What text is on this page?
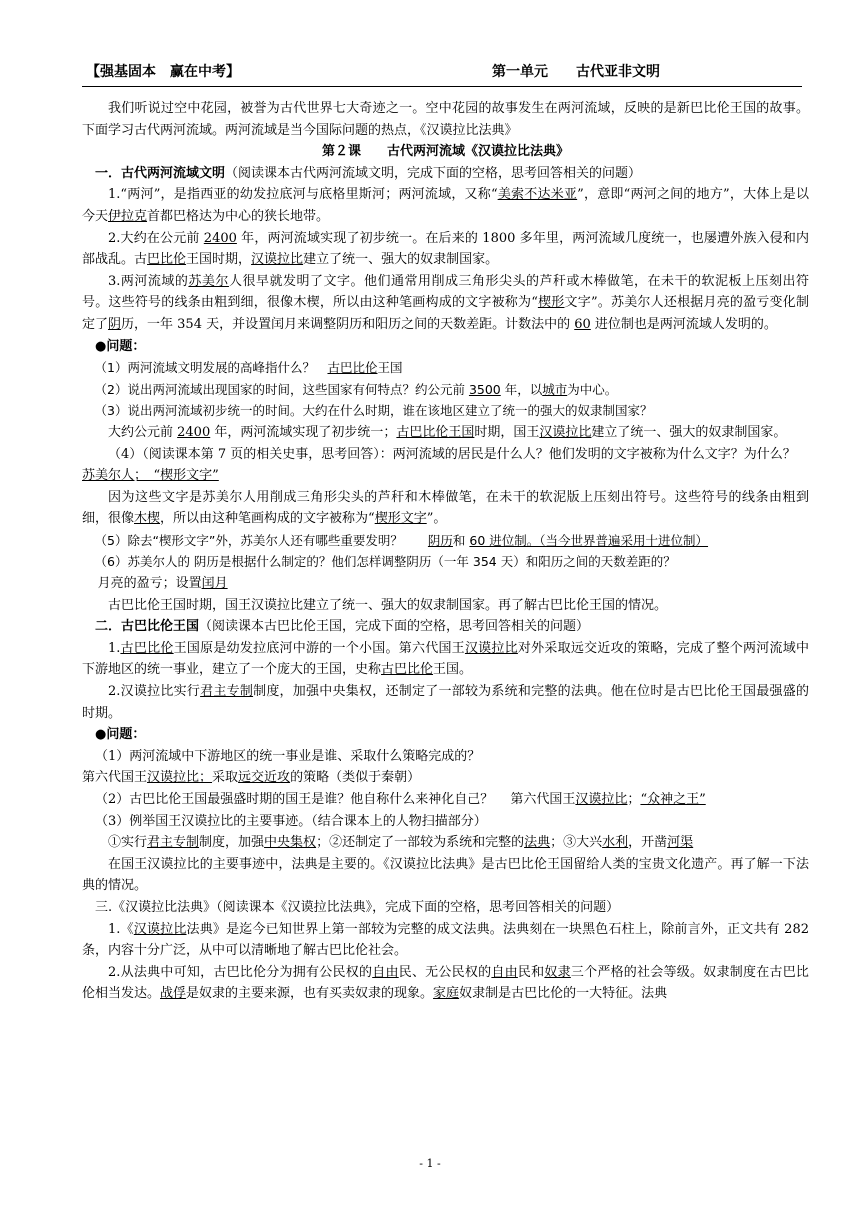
【强基固本　赢在中考】	第一单元　　古代亚非文明

我们听说过空中花园，被誉为古代世界七大奇迹之一。空中花园的故事发生在两河流域，反映的是新巴比伦王国的故事。下面学习古代两河流域。两河流域是当今国际问题的热点，《汉谟拉比法典》

第２课　　古代两河流域《汉谟拉比法典》

一．古代两河流域文明（阅读课本古代两河流域文明，完成下面的空格，思考回答相关的问题）

1.“两河”，是指西亚的幼发拉底河与底格里斯河；两河流域，又称“美索不达米亚”，意即“两河之间的地方”，大体上是以今天伊拉克首都巴格达为中心的狭长地带。

2.大约在公元前 2400 年，两河流域实现了初步统一。在后来的 1800 多年里，两河流域几度统一，也屡遭外族入侵和内部战乱。古巴比伦王国时期，汉谟拉比建立了统一、强大的奴隶制国家。

3.两河流域的苏美尔人很早就发明了文字。他们通常用削成三角形尖头的芦秆或木棒做笔，在未干的软泥板上压刻出符号。这些符号的线条由粗到细，很像木楔，所以由这种笔画构成的文字被称为“楔形文字”。苏美尔人还根据月亮的盈亏变化制定了阴历，一年 354 天，并设置闰月来调整阴历和阳历之间的天数差距。计数法中的 60 进位制也是两河流域人发明的。

●问题：

（1）两河流域文明发展的高峰指什么？　古巴比伦王国

（2）说出两河流域出现国家的时间，这些国家有何特点？约公元前 3500 年，以城市为中心。

（3）说出两河流域初步统一的时间。大约在什么时期，谁在该地区建立了统一的强大的奴隶制国家？

大约公元前 2400 年，两河流域实现了初步统一；古巴比伦王国时期，国王汉谟拉比建立了统一、强大的奴隶制国家。

（4）（阅读课本第 7 页的相关史事，思考回答）：两河流域的居民是什么人？他们发明的文字被称为什么文字？为什么？

苏美尔人；　“楔形文字”

因为这些文字是苏美尔人用削成三角形尖头的芦秆和木棒做笔，在未干的软泥版上压刻出符号。这些符号的线条由粗到细，很像木楔，所以由这种笔画构成的文字被称为“楔形文字”。

（5）除去“楔形文字”外，苏美尔人还有哪些重要发明？　　阴历和 60 进位制。（当今世界普遍采用十进位制）

（6）苏美尔人的 阴历是根据什么制定的？他们怎样调整阴历（一年 354 天）和阳历之间的天数差距的？

月亮的盈亏；设置闰月

古巴比伦王国时期，国王汉谟拉比建立了统一、强大的奴隶制国家。再了解古巴比伦王国的情况。

二．古巴比伦王国（阅读课本古巴比伦王国，完成下面的空格，思考回答相关的问题）

1.古巴比伦王国原是幼发拉底河中游的一个小国。第六代国王汉谟拉比对外采取远交近攻的策略，完成了整个两河流域中下游地区的统一事业，建立了一个庞大的王国，史称古巴比伦王国。

2.汉谟拉比实行君主专制制度，加强中央集权，还制定了一部较为系统和完整的法典。他在位时是古巴比伦王国最强盛的时期。

●问题：

（1）两河流域中下游地区的统一事业是谁、采取什么策略完成的？

第六代国王汉谟拉比；采取远交近攻的策略（类似于秦朝）

（2）古巴比伦王国最强盛时期的国王是谁？他自称什么来神化自己？　 第六代国王汉谟拉比；“众神之王”

（3）例举国王汉谟拉比的主要事迹。（结合课本上的人物扫描部分）

①实行君主专制制度，加强中央集权；②还制定了一部较为系统和完整的法典；③大兴水利，开凿河渠

在国王汉谟拉比的主要事迹中，法典是主要的。《汉谟拉比法典》是古巴比伦王国留给人类的宝贵文化遗产。再了解一下法典的情况。

三.《汉谟拉比法典》（阅读课本《汉谟拉比法典》，完成下面的空格，思考回答相关的问题）

1.《汉谟拉比法典》是迄今已知世界上第一部较为完整的成文法典。法典刻在一块黑色石柱上，除前言外，正文共有 282 条，内容十分广泛，从中可以清晰地了解古巴比伦社会。

2.从法典中可知，古巴比伦分为拥有公民权的自由民、无公民权的自由民和奴隶三个严格的社会等级。奴隶制度在古巴比伦相当发达。战俘是奴隶的主要来源，也有买卖奴隶的现象。家庭奴隶制是古巴比伦的一大特征。法典

- 1 -
